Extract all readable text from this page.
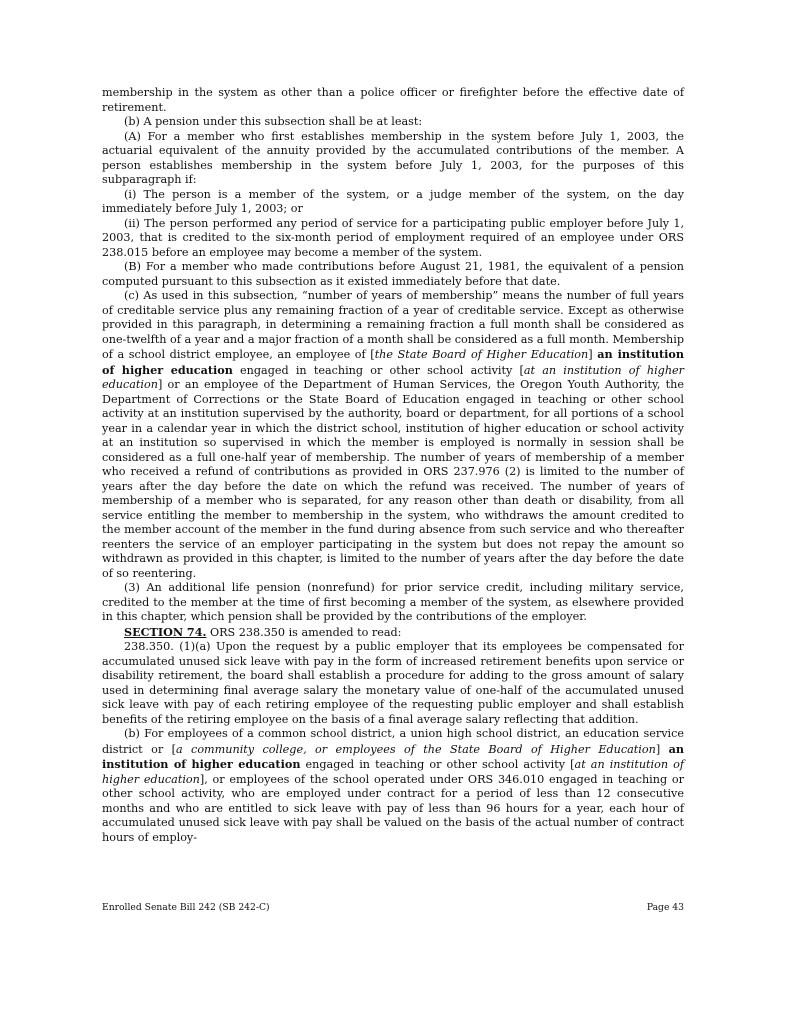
membership in the system as other than a police officer or firefighter before the effective date of retirement.

(b) A pension under this subsection shall be at least:

(A) For a member who first establishes membership in the system before July 1, 2003, the actuarial equivalent of the annuity provided by the accumulated contributions of the member. A person establishes membership in the system before July 1, 2003, for the purposes of this subparagraph if:

(i) The person is a member of the system, or a judge member of the system, on the day immediately before July 1, 2003; or

(ii) The person performed any period of service for a participating public employer before July 1, 2003, that is credited to the six-month period of employment required of an employee under ORS 238.015 before an employee may become a member of the system.

(B) For a member who made contributions before August 21, 1981, the equivalent of a pension computed pursuant to this subsection as it existed immediately before that date.

(c) As used in this subsection, “number of years of membership” means the number of full years of creditable service plus any remaining fraction of a year of creditable service. Except as otherwise provided in this paragraph, in determining a remaining fraction a full month shall be considered as one-twelfth of a year and a major fraction of a month shall be considered as a full month. Membership of a school district employee, an employee of [the State Board of Higher Education] an institution of higher education engaged in teaching or other school activity [at an institution of higher education] or an employee of the Department of Human Services, the Oregon Youth Authority, the Department of Corrections or the State Board of Education engaged in teaching or other school activity at an institution supervised by the authority, board or department, for all portions of a school year in a calendar year in which the district school, institution of higher education or school activity at an institution so supervised in which the member is employed is normally in session shall be considered as a full one-half year of membership. The number of years of membership of a member who received a refund of contributions as provided in ORS 237.976 (2) is limited to the number of years after the day before the date on which the refund was received. The number of years of membership of a member who is separated, for any reason other than death or disability, from all service entitling the member to membership in the system, who withdraws the amount credited to the member account of the member in the fund during absence from such service and who thereafter reenters the service of an employer participating in the system but does not repay the amount so withdrawn as provided in this chapter, is limited to the number of years after the day before the date of so reentering.

(3) An additional life pension (nonrefund) for prior service credit, including military service, credited to the member at the time of first becoming a member of the system, as elsewhere provided in this chapter, which pension shall be provided by the contributions of the employer.

SECTION 74. ORS 238.350 is amended to read:

238.350. (1)(a) Upon the request by a public employer that its employees be compensated for accumulated unused sick leave with pay in the form of increased retirement benefits upon service or disability retirement, the board shall establish a procedure for adding to the gross amount of salary used in determining final average salary the monetary value of one-half of the accumulated unused sick leave with pay of each retiring employee of the requesting public employer and shall establish benefits of the retiring employee on the basis of a final average salary reflecting that addition.

(b) For employees of a common school district, a union high school district, an education service district or [a community college, or employees of the State Board of Higher Education] an institution of higher education engaged in teaching or other school activity [at an institution of higher education], or employees of the school operated under ORS 346.010 engaged in teaching or other school activity, who are employed under contract for a period of less than 12 consecutive months and who are entitled to sick leave with pay of less than 96 hours for a year, each hour of accumulated unused sick leave with pay shall be valued on the basis of the actual number of contract hours of employ-

Enrolled Senate Bill 242 (SB 242-C)	Page 43
